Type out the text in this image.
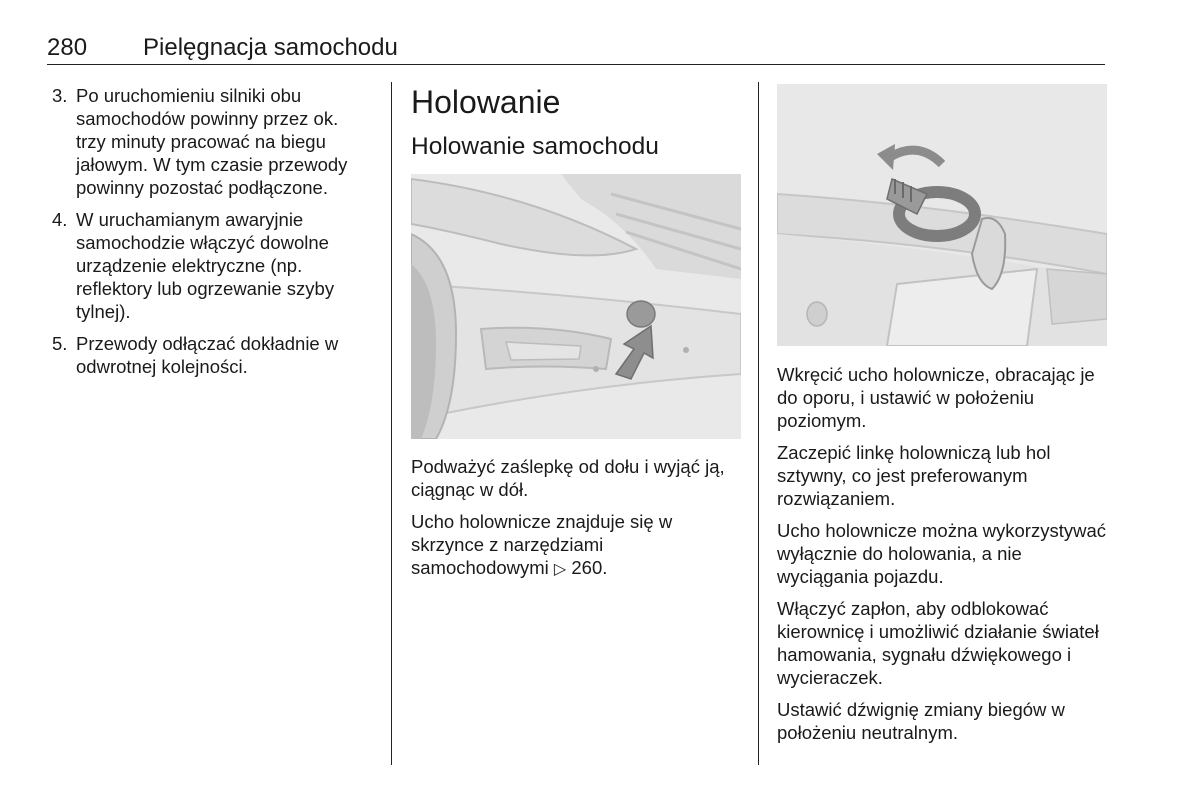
280 Pielęgnacja samochodu
3. Po uruchomieniu silniki obu samochodów powinny przez ok. trzy minuty pracować na biegu jałowym. W tym czasie przewody powinny pozostać podłączone.
4. W uruchamianym awaryjnie samochodzie włączyć dowolne urządzenie elektryczne (np. reflektory lub ogrzewanie szyby tylnej).
5. Przewody odłączać dokładnie w odwrotnej kolejności.
Holowanie
Holowanie samochodu

Podważyć zaślepkę od dołu i wyjąć ją, ciągnąc w dół.

Ucho holownicze znajduje się w skrzynce z narzędziami samochodowymi ▷ 260.

Wkręcić ucho holownicze, obracając je do oporu, i ustawić w położeniu poziomym.

Zaczepić linkę holowniczą lub hol sztywny, co jest preferowanym rozwiązaniem.

Ucho holownicze można wykorzystywać wyłącznie do holowania, a nie wyciągania pojazdu.

Włączyć zapłon, aby odblokować kierownicę i umożliwić działanie świateł hamowania, sygnału dźwiękowego i wycieraczek.

Ustawić dźwignię zmiany biegów w położeniu neutralnym.
